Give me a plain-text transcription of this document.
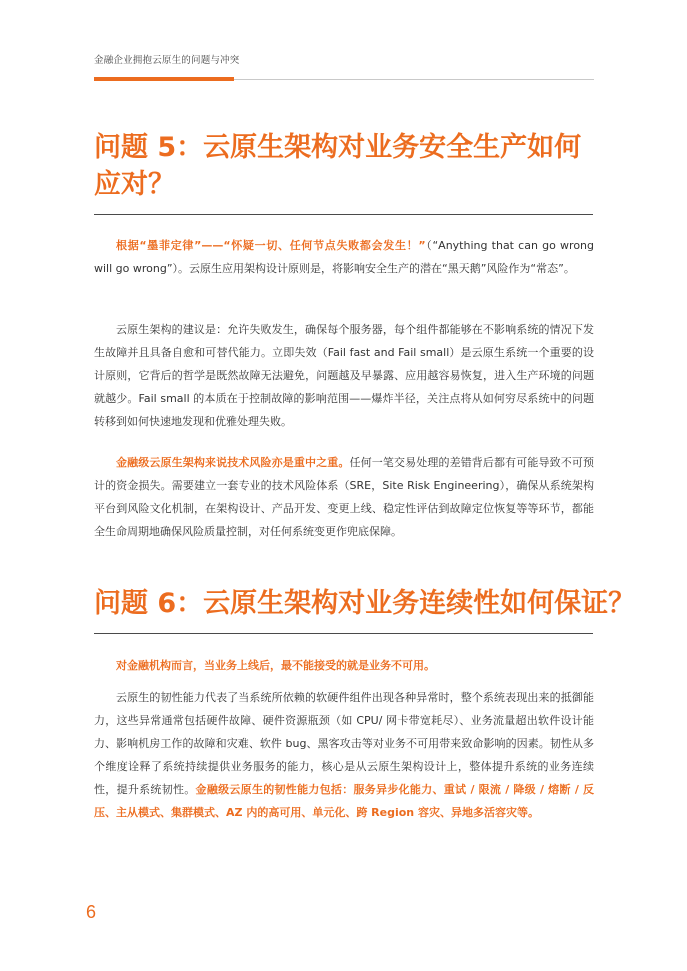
金融企业拥抱云原生的问题与冲突
问题 5：云原生架构对业务安全生产如何
应对？

根据“墨菲定律”——“怀疑一切、任何节点失败都会发生！”（“Anything that can go wrong will go wrong”）。云原生应用架构设计原则是，将影响安全生产的潜在“黑天鹅”风险作为“常态”。

云原生架构的建议是：允许失败发生，确保每个服务器，每个组件都能够在不影响系统的情况下发生故障并且具备自愈和可替代能力。立即失效（Fail fast and Fail small）是云原生系统一个重要的设计原则，它背后的哲学是既然故障无法避免，问题越及早暴露、应用越容易恢复，进入生产环境的问题就越少。Fail small 的本质在于控制故障的影响范围——爆炸半径，关注点将从如何穷尽系统中的问题转移到如何快速地发现和优雅处理失败。

金融级云原生架构来说技术风险亦是重中之重。任何一笔交易处理的差错背后都有可能导致不可预计的资金损失。需要建立一套专业的技术风险体系（SRE，Site Risk Engineering），确保从系统架构平台到风险文化机制，在架构设计、产品开发、变更上线、稳定性评估到故障定位恢复等等环节，都能全生命周期地确保风险质量控制，对任何系统变更作兜底保障。

问题 6：云原生架构对业务连续性如何保证？

对金融机构而言，当业务上线后，最不能接受的就是业务不可用。

云原生的韧性能力代表了当系统所依赖的软硬件组件出现各种异常时，整个系统表现出来的抵御能力，这些异常通常包括硬件故障、硬件资源瓶颈（如 CPU/ 网卡带宽耗尽）、业务流量超出软件设计能力、影响机房工作的故障和灾难、软件 bug、黑客攻击等对业务不可用带来致命影响的因素。韧性从多个维度诠释了系统持续提供业务服务的能力，核心是从云原生架构设计上，整体提升系统的业务连续性，提升系统韧性。金融级云原生的韧性能力包括：服务异步化能力、重试 / 限流 / 降级 / 熔断 / 反压、主从模式、集群模式、AZ 内的高可用、单元化、跨 Region 容灾、异地多活容灾等。

6
